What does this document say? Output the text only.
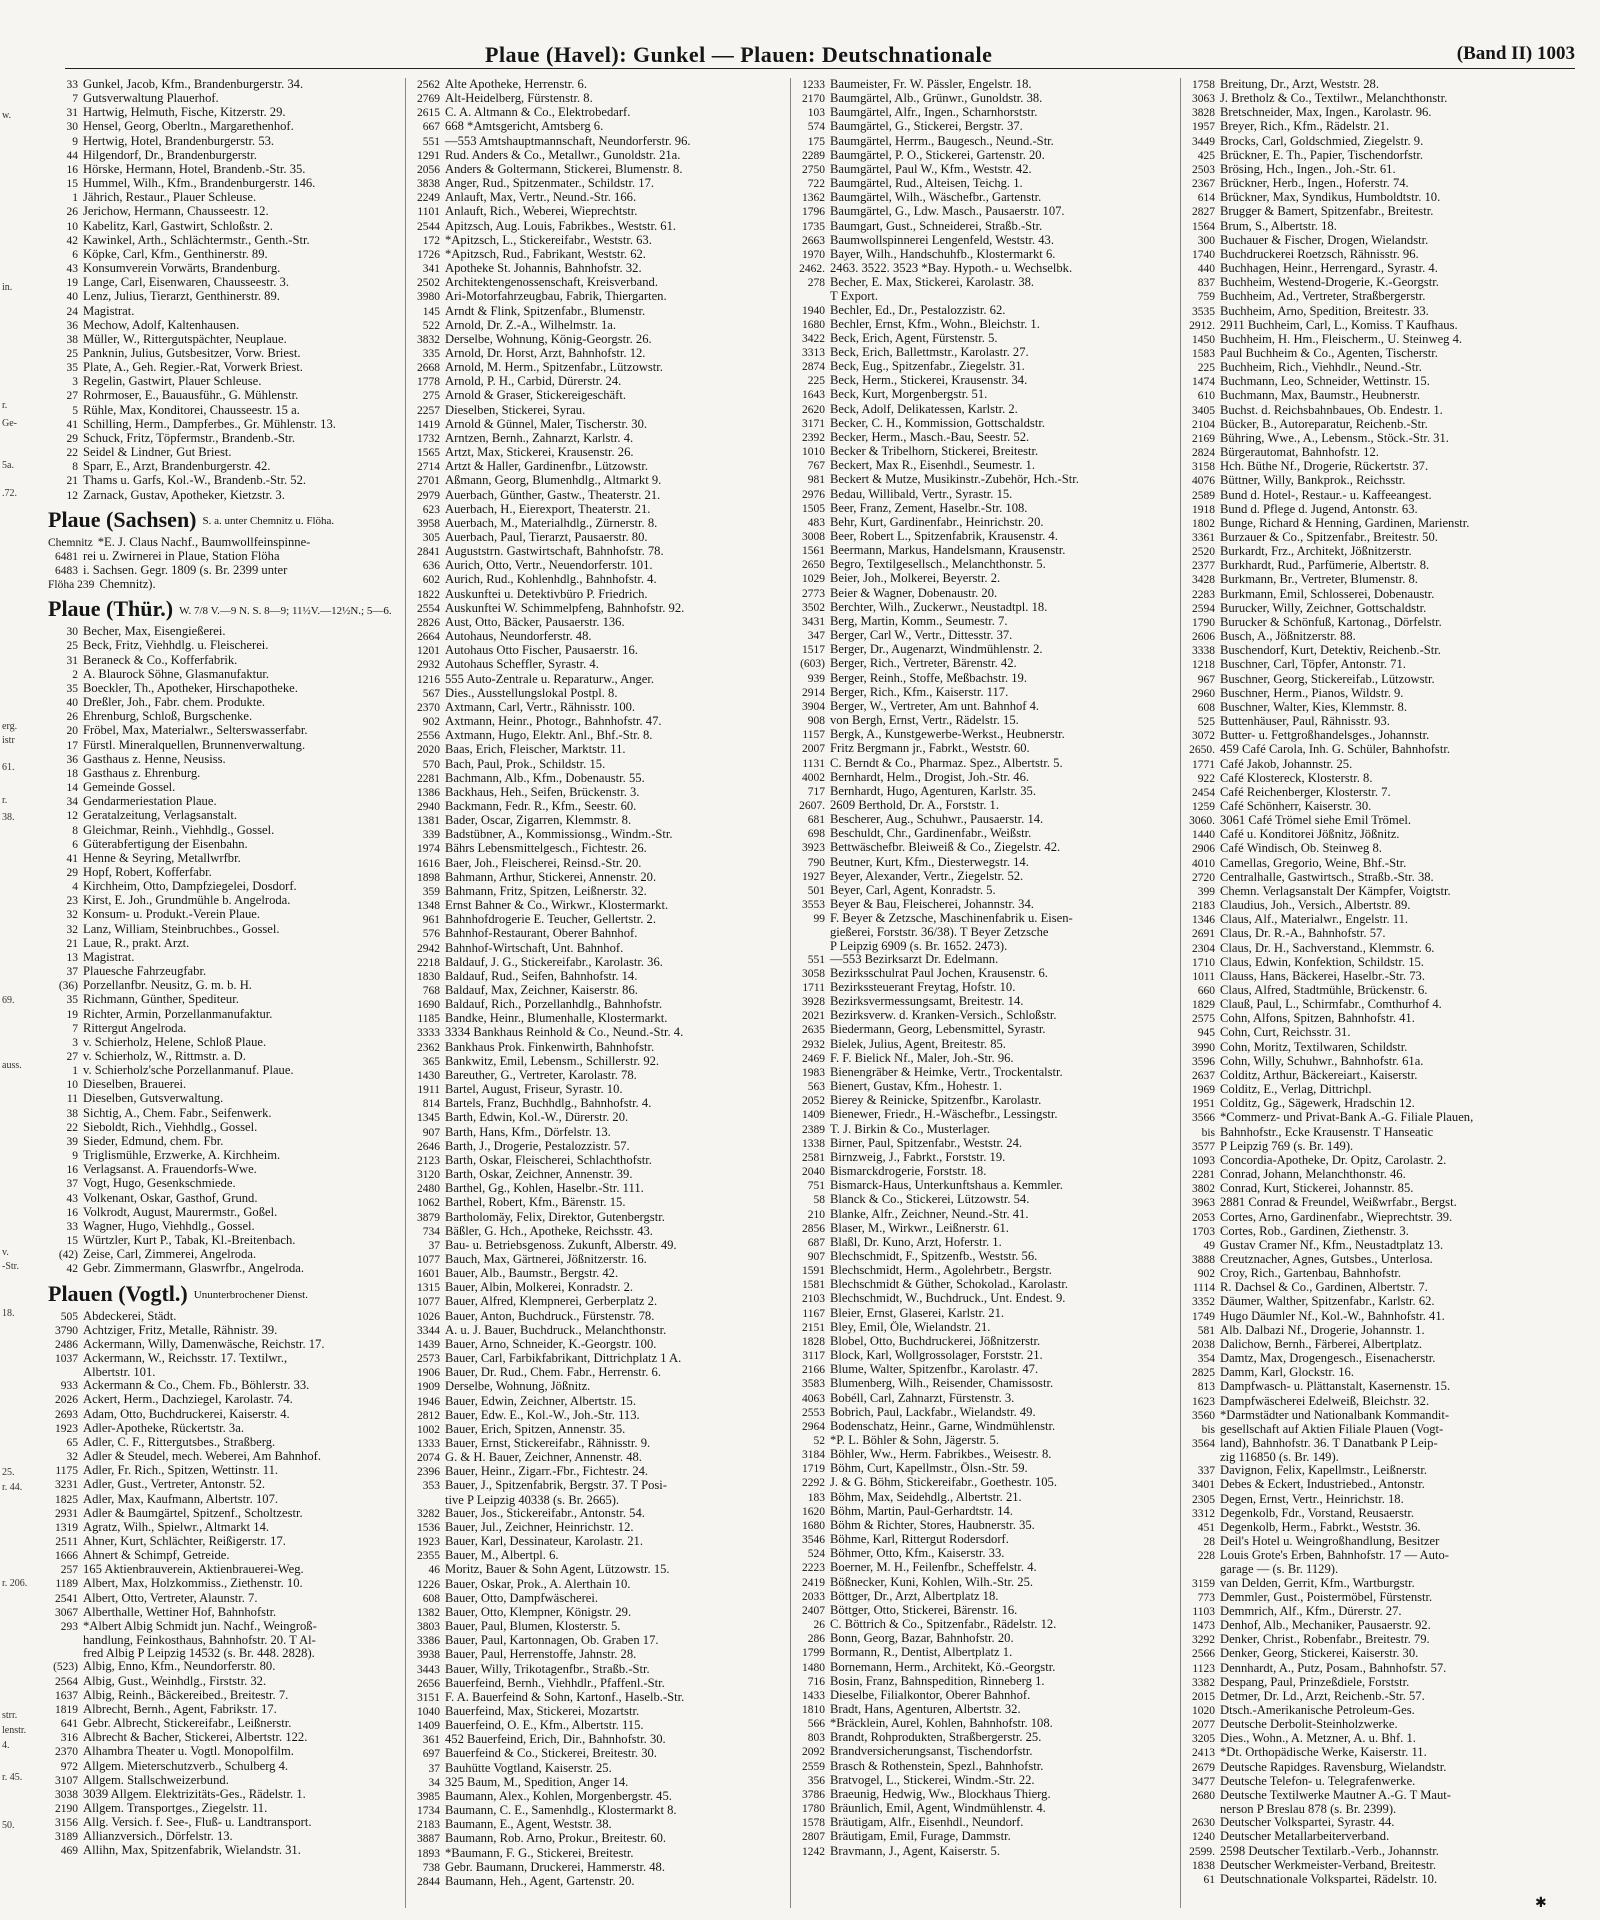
Plaue (Havel): Gunkel — Plauen: Deutschnationale	(Band II) 1003
w.
in.
r.
Ge-
5a.
.72.
erg.
istr
61.
r.
38.
69.
auss.
v.
-Str.
18.
25.
r. 44.
r. 206.
strr.
lenstr.
4.
r. 45.
50.
33 Gunkel, Jacob, Kfm., Brandenburgerstr. 34.
7 Gutsverwaltung Plauerhof.
31 Hartwig, Helmuth, Fische, Kitzerstr. 29.
30 Hensel, Georg, Oberltn., Margarethenhof.
9 Hertwig, Hotel, Brandenburgerstr. 53.
44 Hilgendorf, Dr., Brandenburgerstr.
16 Hörske, Hermann, Hotel, Brandenb.-Str. 35.
15 Hummel, Wilh., Kfm., Brandenburgerstr. 146.
1 Jährich, Restaur., Plauer Schleuse.
26 Jerichow, Hermann, Chausseestr. 12.
10 Kabelitz, Karl, Gastwirt, Schloßstr. 2.
42 Kawinkel, Arth., Schlächtermstr., Genth.-Str.
6 Köpke, Carl, Kfm., Genthinerstr. 89.
43 Konsumverein Vorwärts, Brandenburg.
19 Lange, Carl, Eisenwaren, Chausseestr. 3.
40 Lenz, Julius, Tierarzt, Genthinerstr. 89.
24 Magistrat.
36 Mechow, Adolf, Kaltenhausen.
38 Müller, W., Rittergutspächter, Neuplaue.
25 Panknin, Julius, Gutsbesitzer, Vorw. Briest.
35 Plate, A., Geh. Regier.-Rat, Vorwerk Briest.
3 Regelin, Gastwirt, Plauer Schleuse.
27 Rohrmoser, E., Bauausführ., G. Mühlenstr.
5 Rühle, Max, Konditorei, Chausseestr. 15 a.
41 Schilling, Herm., Dampferbes., Gr. Mühlenstr. 13.
29 Schuck, Fritz, Töpfermstr., Brandenb.-Str.
22 Seidel & Lindner, Gut Briest.
8 Sparr, E., Arzt, Brandenburgerstr. 42.
21 Thams u. Garfs, Kol.-W., Brandenb.-Str. 52.
12 Zarnack, Gustav, Apotheker, Kietzstr. 3.
Plaue (Sachsen) S. a. unter Chemnitz u. Flöha.
Chemnitz *E. J. Claus Nachf., Baumwollfeinspinne-
6481 rei u. Zwirnerei in Plaue, Station Flöha
6483 i. Sachsen. Gegr. 1809 (s. Br. 2399 unter
Flöha 239 Chemnitz).
Plaue (Thür.) W. 7/8 V.—9 N. S. 8—9; 11½V.—12½N.; 5—6.
30 Becher, Max, Eisengießerei.
25 Beck, Fritz, Viehhdlg. u. Fleischerei.
31 Beraneck & Co., Kofferfabrik.
2 A. Blaurock Söhne, Glasmanufaktur.
35 Boeckler, Th., Apotheker, Hirschapotheke.
40 Dreßler, Joh., Fabr. chem. Produkte.
26 Ehrenburg, Schloß, Burgschenke.
20 Fröbel, Max, Materialwr., Selterswasserfabr.
17 Fürstl. Mineralquellen, Brunnenverwaltung.
36 Gasthaus z. Henne, Neusiss.
18 Gasthaus z. Ehrenburg.
14 Gemeinde Gossel.
34 Gendarmeriestation Plaue.
12 Geratalzeitung, Verlagsanstalt.
8 Gleichmar, Reinh., Viehhdlg., Gossel.
6 Güterabfertigung der Eisenbahn.
41 Henne & Seyring, Metallwrfbr.
29 Hopf, Robert, Kofferfabr.
4 Kirchheim, Otto, Dampfziegelei, Dosdorf.
23 Kirst, E. Joh., Grundmühle b. Angelroda.
32 Konsum- u. Produkt.-Verein Plaue.
32 Lanz, William, Steinbruchbes., Gossel.
21 Laue, R., prakt. Arzt.
13 Magistrat.
37 Plauesche Fahrzeugfabr.
(36) Porzellanfbr. Neusitz, G. m. b. H.
35 Richmann, Günther, Spediteur.
19 Richter, Armin, Porzellanmanufaktur.
7 Rittergut Angelroda.
3 v. Schierholz, Helene, Schloß Plaue.
27 v. Schierholz, W., Rittmstr. a. D.
1 v. Schierholz'sche Porzellanmanuf. Plaue.
10 Dieselben, Brauerei.
11 Dieselben, Gutsverwaltung.
38 Sichtig, A., Chem. Fabr., Seifenwerk.
22 Sieboldt, Rich., Viehhdlg., Gossel.
39 Sieder, Edmund, chem. Fbr.
9 Triglismühle, Erzwerke, A. Kirchheim.
16 Verlagsanst. A. Frauendorfs-Wwe.
37 Vogt, Hugo, Gesenkschmiede.
43 Volkenant, Oskar, Gasthof, Grund.
16 Volkrodt, August, Maurermstr., Goßel.
33 Wagner, Hugo, Viehhdlg., Gossel.
15 Würtzler, Kurt P., Tabak, Kl.-Breitenbach.
(42) Zeise, Carl, Zimmerei, Angelroda.
42 Gebr. Zimmermann, Glaswrfbr., Angelroda.
Plauen (Vogtl.) Ununterbrochener Dienst.
505 Abdeckerei, Städt.
3790 Achtziger, Fritz, Metalle, Rähnistr. 39.
2486 Ackermann, Willy, Damenwäsche, Reichstr. 17.
1037 Ackermann, W., Reichsstr. 17. Textilwr.,
Albertstr. 101.
933 Ackermann & Co., Chem. Fb., Böhlerstr. 33.
2026 Ackert, Herm., Dachziegel, Karolastr. 74.
2693 Adam, Otto, Buchdruckerei, Kaiserstr. 4.
1923 Adler-Apotheke, Rückertstr. 3a.
65 Adler, C. F., Rittergutsbes., Straßberg.
32 Adler & Steudel, mech. Weberei, Am Bahnhof.
1175 Adler, Fr. Rich., Spitzen, Wettinstr. 11.
3231 Adler, Gust., Vertreter, Antonstr. 52.
1825 Adler, Max, Kaufmann, Albertstr. 107.
2931 Adler & Baumgärtel, Spitzenf., Scholtzestr.
1319 Agratz, Wilh., Spielwr., Altmarkt 14.
2511 Ahner, Kurt, Schlächter, Reißigerstr. 17.
1666 Ahnert & Schimpf, Getreide.
257 165 Aktienbrauverein, Aktienbrauerei-Weg.
1189 Albert, Max, Holzkommiss., Ziethenstr. 10.
2541 Albert, Otto, Vertreter, Alaunstr. 7.
3067 Alberthalle, Wettiner Hof, Bahnhofstr.
293 *Albert Albig Schmidt jun. Nachf., Weingroß-
handlung, Feinkosthaus, Bahnhofstr. 20. T Al-
fred Albig P Leipzig 14532 (s. Br. 448. 2828).
(523) Albig, Enno, Kfm., Neundorferstr. 80.
2564 Albig, Gust., Weinhdlg., Firststr. 32.
1637 Albig, Reinh., Bäckereibed., Breitestr. 7.
1819 Albrecht, Bernh., Agent, Fabrikstr. 17.
641 Gebr. Albrecht, Stickereifabr., Leißnerstr.
316 Albrecht & Bacher, Stickerei, Albertstr. 122.
2370 Alhambra Theater u. Vogtl. Monopolfilm.
972 Allgem. Mieterschutzverb., Schulberg 4.
3107 Allgem. Stallschweizerbund.
3038 3039 Allgem. Elektrizitäts-Ges., Rädelstr. 1.
2190 Allgem. Transportges., Ziegelstr. 11.
3156 Allg. Versich. f. See-, Fluß- u. Landtransport.
3189 Allianzversich., Dörfelstr. 13.
469 Allihn, Max, Spitzenfabrik, Wielandstr. 31.
2562 Alte Apotheke, Herrenstr. 6.
2769 Alt-Heidelberg, Fürstenstr. 8.
2615 C. A. Altmann & Co., Elektrobedarf.
667 668 *Amtsgericht, Amtsberg 6.
551 —553 Amtshauptmannschaft, Neundorferstr. 96.
1291 Rud. Anders & Co., Metallwr., Gunoldstr. 21a.
2056 Anders & Goltermann, Stickerei, Blumenstr. 8.
3838 Anger, Rud., Spitzenmater., Schildstr. 17.
2249 Anlauft, Max, Vertr., Neund.-Str. 166.
1101 Anlauft, Rich., Weberei, Wieprechtstr.
2544 Apitzsch, Aug. Louis, Fabrikbes., Weststr. 61.
172 *Apitzsch, L., Stickereifabr., Weststr. 63.
1726 *Apitzsch, Rud., Fabrikant, Weststr. 62.
341 Apotheke St. Johannis, Bahnhofstr. 32.
2502 Architektengenossenschaft, Kreisverband.
3980 Ari-Motorfahrzeugbau, Fabrik, Thiergarten.
145 Arndt & Flink, Spitzenfabr., Blumenstr.
522 Arnold, Dr. Z.-A., Wilhelmstr. 1a.
3832 Derselbe, Wohnung, König-Georgstr. 26.
335 Arnold, Dr. Horst, Arzt, Bahnhofstr. 12.
2668 Arnold, M. Herm., Spitzenfabr., Lützowstr.
1778 Arnold, P. H., Carbid, Dürerstr. 24.
275 Arnold & Graser, Stickereigeschäft.
2257 Dieselben, Stickerei, Syrau.
1419 Arnold & Günnel, Maler, Tischerstr. 30.
1732 Arntzen, Bernh., Zahnarzt, Karlstr. 4.
1565 Artzt, Max, Stickerei, Krausenstr. 26.
2714 Artzt & Haller, Gardinenfbr., Lützowstr.
2701 Aßmann, Georg, Blumenhdlg., Altmarkt 9.
2979 Auerbach, Günther, Gastw., Theaterstr. 21.
623 Auerbach, H., Eierexport, Theaterstr. 21.
3958 Auerbach, M., Materialhdlg., Zürnerstr. 8.
305 Auerbach, Paul, Tierarzt, Pausaerstr. 80.
2841 Auguststrn. Gastwirtschaft, Bahnhofstr. 78.
636 Aurich, Otto, Vertr., Neuendorferstr. 101.
602 Aurich, Rud., Kohlenhdlg., Bahnhofstr. 4.
1822 Auskunftei u. Detektivbüro P. Friedrich.
2554 Auskunftei W. Schimmelpfeng, Bahnhofstr. 92.
2826 Aust, Otto, Bäcker, Pausaerstr. 136.
2664 Autohaus, Neundorferstr. 48.
1201 Autohaus Otto Fischer, Pausaerstr. 16.
2932 Autohaus Scheffler, Syrastr. 4.
1216 555 Auto-Zentrale u. Reparaturw., Anger.
567 Dies., Ausstellungslokal Postpl. 8.
2370 Axtmann, Carl, Vertr., Rähnisstr. 100.
902 Axtmann, Heinr., Photogr., Bahnhofstr. 47.
2556 Axtmann, Hugo, Elektr. Anl., Bhf.-Str. 8.
2020 Baas, Erich, Fleischer, Marktstr. 11.
570 Bach, Paul, Prok., Schildstr. 15.
2281 Bachmann, Alb., Kfm., Dobenaustr. 55.
1386 Backhaus, Heh., Seifen, Brückenstr. 3.
2940 Backmann, Fedr. R., Kfm., Seestr. 60.
1381 Bader, Oscar, Zigarren, Klemmstr. 8.
339 Badstübner, A., Kommissionsg., Windm.-Str.
1974 Bährs Lebensmittelgesch., Fichtestr. 26.
1616 Baer, Joh., Fleischerei, Reinsd.-Str. 20.
1898 Bahmann, Arthur, Stickerei, Annenstr. 20.
359 Bahmann, Fritz, Spitzen, Leißnerstr. 32.
1348 Ernst Bahner & Co., Wirkwr., Klostermarkt.
961 Bahnhofdrogerie E. Teucher, Gellertstr. 2.
576 Bahnhof-Restaurant, Oberer Bahnhof.
2942 Bahnhof-Wirtschaft, Unt. Bahnhof.
2218 Baldauf, J. G., Stickereifabr., Karolastr. 36.
1830 Baldauf, Rud., Seifen, Bahnhofstr. 14.
768 Baldauf, Max, Zeichner, Kaiserstr. 86.
1690 Baldauf, Rich., Porzellanhdlg., Bahnhofstr.
1185 Bandke, Heinr., Blumenhalle, Klostermarkt.
3333 3334 Bankhaus Reinhold & Co., Neund.-Str. 4.
2362 Bankhaus Prok. Finkenwirth, Bahnhofstr.
365 Bankwitz, Emil, Lebensm., Schillerstr. 92.
1430 Bareuther, G., Vertreter, Karolastr. 78.
1911 Bartel, August, Friseur, Syrastr. 10.
814 Bartels, Franz, Buchhdlg., Bahnhofstr. 4.
1345 Barth, Edwin, Kol.-W., Dürerstr. 20.
907 Barth, Hans, Kfm., Dörfelstr. 13.
2646 Barth, J., Drogerie, Pestalozzistr. 57.
2123 Barth, Oskar, Fleischerei, Schlachthofstr.
3120 Barth, Oskar, Zeichner, Annenstr. 39.
2480 Barthel, Gg., Kohlen, Haselbr.-Str. 111.
1062 Barthel, Robert, Kfm., Bärenstr. 15.
3879 Bartholomäy, Felix, Direktor, Gutenbergstr.
734 Bäßler, G. Hch., Apotheke, Reichsstr. 43.
37 Bau- u. Betriebsgenoss. Zukunft, Alberstr. 49.
1077 Bauch, Max, Gärtnerei, Jößnitzerstr. 16.
1601 Bauer, Alb., Baumstr., Bergstr. 42.
1315 Bauer, Albin, Molkerei, Konradstr. 2.
1077 Bauer, Alfred, Klempnerei, Gerberplatz 2.
1026 Bauer, Anton, Buchdruck., Fürstenstr. 78.
3344 A. u. J. Bauer, Buchdruck., Melanchthonstr.
1439 Bauer, Arno, Schneider, K.-Georgstr. 100.
2573 Bauer, Carl, Farbikfabrikant, Dittrichplatz 1 A.
1906 Bauer, Dr. Rud., Chem. Fabr., Herrenstr. 6.
1909 Derselbe, Wohnung, Jößnitz.
1946 Bauer, Edwin, Zeichner, Albertstr. 15.
2812 Bauer, Edw. E., Kol.-W., Joh.-Str. 113.
1002 Bauer, Erich, Spitzen, Annenstr. 35.
1333 Bauer, Ernst, Stickereifabr., Rähnisstr. 9.
2074 G. & H. Bauer, Zeichner, Annenstr. 48.
2396 Bauer, Heinr., Zigarr.-Fbr., Fichtestr. 24.
353 Bauer, J., Spitzenfabrik, Bergstr. 37. T Posi-
tive P Leipzig 40338 (s. Br. 2665).
3282 Bauer, Jos., Stickereifabr., Antonstr. 54.
1536 Bauer, Jul., Zeichner, Heinrichstr. 12.
1923 Bauer, Karl, Dessinateur, Karolastr. 21.
2355 Bauer, M., Albertpl. 6.
46 Moritz, Bauer & Sohn Agent, Lützowstr. 15.
1226 Bauer, Oskar, Prok., A. Alerthain 10.
608 Bauer, Otto, Dampfwäscherei.
1382 Bauer, Otto, Klempner, Königstr. 29.
3803 Bauer, Paul, Blumen, Klosterstr. 5.
3386 Bauer, Paul, Kartonnagen, Ob. Graben 17.
3938 Bauer, Paul, Herrenstoffe, Jahnstr. 28.
3443 Bauer, Willy, Trikotagenfbr., Straßb.-Str.
2656 Bauerfeind, Bernh., Viehhdlr., Pfaffenl.-Str.
3151 F. A. Bauerfeind & Sohn, Kartonf., Haselb.-Str.
1040 Bauerfeind, Max, Stickerei, Mozartstr.
1409 Bauerfeind, O. E., Kfm., Albertstr. 115.
361 452 Bauerfeind, Erich, Dir., Bahnhofstr. 30.
697 Bauerfeind & Co., Stickerei, Breitestr. 30.
37 Bauhütte Vogtland, Kaiserstr. 25.
34 325 Baum, M., Spedition, Anger 14.
3985 Baumann, Alex., Kohlen, Morgenbergstr. 45.
1734 Baumann, C. E., Samenhdlg., Klostermarkt 8.
2183 Baumann, E., Agent, Weststr. 38.
3887 Baumann, Rob. Arno, Prokur., Breitestr. 60.
1893 *Baumann, F. G., Stickerei, Breitestr.
738 Gebr. Baumann, Druckerei, Hammerstr. 48.
2844 Baumann, Heh., Agent, Gartenstr. 20.
1233 Baumeister, Fr. W. Pässler, Engelstr. 18.
2170 Baumgärtel, Alb., Grünwr., Gunoldstr. 38.
103 Baumgärtel, Alfr., Ingen., Scharnhorststr.
574 Baumgärtel, G., Stickerei, Bergstr. 37.
175 Baumgärtel, Herrm., Baugesch., Neund.-Str.
2289 Baumgärtel, P. O., Stickerei, Gartenstr. 20.
2750 Baumgärtel, Paul W., Kfm., Weststr. 42.
722 Baumgärtel, Rud., Alteisen, Teichg. 1.
1362 Baumgärtel, Wilh., Wäschefbr., Gartenstr.
1796 Baumgärtel, G., Ldw. Masch., Pausaerstr. 107.
1735 Baumgart, Gust., Schneiderei, Straßb.-Str.
2663 Baumwollspinnerei Lengenfeld, Weststr. 43.
1970 Bayer, Wilh., Handschuhfb., Klostermarkt 6.
2462. 2463. 3522. 3523 *Bay. Hypoth.- u. Wechselbk.
278 Becher, E. Max, Stickerei, Karolastr. 38.
T Export.
1940 Bechler, Ed., Dr., Pestalozzistr. 62.
1680 Bechler, Ernst, Kfm., Wohn., Bleichstr. 1.
3422 Beck, Erich, Agent, Fürstenstr. 5.
3313 Beck, Erich, Ballettmstr., Karolastr. 27.
2874 Beck, Eug., Spitzenfabr., Ziegelstr. 31.
225 Beck, Herm., Stickerei, Krausenstr. 34.
1643 Beck, Kurt, Morgenbergstr. 51.
2620 Beck, Adolf, Delikatessen, Karlstr. 2.
3171 Becker, C. H., Kommission, Gottschaldstr.
2392 Becker, Herm., Masch.-Bau, Seestr. 52.
1010 Becker & Tribelhorn, Stickerei, Breitestr.
767 Beckert, Max R., Eisenhdl., Seumestr. 1.
981 Beckert & Mutze, Musikinstr.-Zubehör, Hch.-Str.
2976 Bedau, Willibald, Vertr., Syrastr. 15.
1505 Beer, Franz, Zement, Haselbr.-Str. 108.
483 Behr, Kurt, Gardinenfabr., Heinrichstr. 20.
3008 Beer, Robert L., Spitzenfabrik, Krausenstr. 4.
1561 Beermann, Markus, Handelsmann, Krausenstr.
2650 Begro, Textilgesellsch., Melanchthonstr. 5.
1029 Beier, Joh., Molkerei, Beyerstr. 2.
2773 Beier & Wagner, Dobenaustr. 20.
3502 Berchter, Wilh., Zuckerwr., Neustadtpl. 18.
3431 Berg, Martin, Komm., Seumestr. 7.
347 Berger, Carl W., Vertr., Dittesstr. 37.
1517 Berger, Dr., Augenarzt, Windmühlenstr. 2.
(603) Berger, Rich., Vertreter, Bärenstr. 42.
939 Berger, Reinh., Stoffe, Meßbachstr. 19.
2914 Berger, Rich., Kfm., Kaiserstr. 117.
3904 Berger, W., Vertreter, Am unt. Bahnhof 4.
908 von Bergh, Ernst, Vertr., Rädelstr. 15.
1157 Bergk, A., Kunstgewerbe-Werkst., Heubnerstr.
2007 Fritz Bergmann jr., Fabrkt., Weststr. 60.
1131 C. Berndt & Co., Pharmaz. Spez., Albertstr. 5.
4002 Bernhardt, Helm., Drogist, Joh.-Str. 46.
717 Bernhardt, Hugo, Agenturen, Karlstr. 35.
2607. 2609 Berthold, Dr. A., Forststr. 1.
681 Bescherer, Aug., Schuhwr., Pausaerstr. 14.
698 Beschuldt, Chr., Gardinenfabr., Weißstr.
3923 Bettwäschefbr. Bleiweiß & Co., Ziegelstr. 42.
790 Beutner, Kurt, Kfm., Diesterwegstr. 14.
1927 Beyer, Alexander, Vertr., Ziegelstr. 52.
501 Beyer, Carl, Agent, Konradstr. 5.
3553 Beyer & Bau, Fleischerei, Johannstr. 34.
99 F. Beyer & Zetzsche, Maschinenfabrik u. Eisen-
gießerei, Forststr. 36/38). T Beyer Zetzsche
P Leipzig 6909 (s. Br. 1652. 2473).
551 —553 Bezirksarzt Dr. Edelmann.
3058 Bezirksschulrat Paul Jochen, Krausenstr. 6.
1711 Bezirkssteuerant Freytag, Hofstr. 10.
3928 Bezirksvermessungsamt, Breitestr. 14.
2021 Bezirksverw. d. Kranken-Versich., Schloßstr.
2635 Biedermann, Georg, Lebensmittel, Syrastr.
2932 Bielek, Julius, Agent, Breitestr. 85.
2469 F. F. Bielick Nf., Maler, Joh.-Str. 96.
1983 Bienengräber & Heimke, Vertr., Trockentalstr.
563 Bienert, Gustav, Kfm., Hohestr. 1.
2052 Bierey & Reinicke, Spitzenfbr., Karolastr.
1409 Bienewer, Friedr., H.-Wäschefbr., Lessingstr.
2389 T. J. Birkin & Co., Musterlager.
1338 Birner, Paul, Spitzenfabr., Weststr. 24.
2581 Birnzweig, J., Fabrkt., Forststr. 19.
2040 Bismarckdrogerie, Forststr. 18.
751 Bismarck-Haus, Unterkunftshaus a. Kemmler.
58 Blanck & Co., Stickerei, Lützowstr. 54.
210 Blanke, Alfr., Zeichner, Neund.-Str. 41.
2856 Blaser, M., Wirkwr., Leißnerstr. 61.
687 Blaßl, Dr. Kuno, Arzt, Hoferstr. 1.
907 Blechschmidt, F., Spitzenfb., Weststr. 56.
1591 Blechschmidt, Herm., Agolehrbetr., Bergstr.
1581 Blechschmidt & Güther, Schokolad., Karolastr.
2103 Blechschmidt, W., Buchdruck., Unt. Endest. 9.
1167 Bleier, Ernst, Glaserei, Karlstr. 21.
2151 Bley, Emil, Öle, Wielandstr. 21.
1828 Blobel, Otto, Buchdruckerei, Jößnitzerstr.
3117 Block, Karl, Wollgrossolager, Forststr. 21.
2166 Blume, Walter, Spitzenfbr., Karolastr. 47.
3583 Blumenberg, Wilh., Reisender, Chamissostr.
4063 Bobéll, Carl, Zahnarzt, Fürstenstr. 3.
2553 Bobrich, Paul, Lackfabr., Wielandstr. 49.
2964 Bodenschatz, Heinr., Garne, Windmühlenstr.
52 *P. L. Böhler & Sohn, Jägerstr. 5.
3184 Böhler, Ww., Herm. Fabrikbes., Weisestr. 8.
1719 Böhm, Curt, Kapellmstr., Ölsn.-Str. 59.
2292 J. & G. Böhm, Stickereifabr., Goethestr. 105.
183 Böhm, Max, Seidehdlg., Albertstr. 21.
1620 Böhm, Martin, Paul-Gerhardtstr. 14.
1680 Böhm & Richter, Stores, Haubnerstr. 35.
3546 Böhme, Karl, Rittergut Rodersdorf.
524 Böhmer, Otto, Kfm., Kaiserstr. 33.
2223 Boerner, M. H., Feilenfbr., Scheffelstr. 4.
2419 Bößnecker, Kuni, Kohlen, Wilh.-Str. 25.
2033 Böttger, Dr., Arzt, Albertplatz 18.
2407 Böttger, Otto, Stickerei, Bärenstr. 16.
26 C. Böttrich & Co., Spitzenfabr., Rädelstr. 12.
286 Bonn, Georg, Bazar, Bahnhofstr. 20.
1799 Bormann, R., Dentist, Albertplatz 1.
1480 Bornemann, Herm., Architekt, Kö.-Georgstr.
716 Bosin, Franz, Bahnspedition, Rinneberg 1.
1433 Dieselbe, Filialkontor, Oberer Bahnhof.
1810 Bradt, Hans, Agenturen, Albertstr. 32.
566 *Bräcklein, Aurel, Kohlen, Bahnhofstr. 108.
803 Brandt, Rohprodukten, Straßbergerstr. 25.
2092 Brandversicherungsanst, Tischendorfstr.
2559 Brasch & Rothenstein, Spezl., Bahnhofstr.
356 Bratvogel, L., Stickerei, Windm.-Str. 22.
3786 Braeunig, Hedwig, Ww., Blockhaus Thierg.
1780 Bräunlich, Emil, Agent, Windmühlenstr. 4.
1578 Bräutigam, Alfr., Eisenhdl., Neundorf.
2807 Bräutigam, Emil, Furage, Dammstr.
1242 Bravmann, J., Agent, Kaiserstr. 5.
1758 Breitung, Dr., Arzt, Weststr. 28.
3063 J. Bretholz & Co., Textilwr., Melanchthonstr.
3828 Bretschneider, Max, Ingen., Karolastr. 96.
1957 Breyer, Rich., Kfm., Rädelstr. 21.
3449 Brocks, Carl, Goldschmied, Ziegelstr. 9.
425 Brückner, E. Th., Papier, Tischendorfstr.
2503 Brösing, Hch., Ingen., Joh.-Str. 61.
2367 Brückner, Herb., Ingen., Hoferstr. 74.
614 Brückner, Max, Syndikus, Humboldtstr. 10.
2827 Brugger & Bamert, Spitzenfabr., Breitestr.
1564 Brum, S., Albertstr. 18.
300 Buchauer & Fischer, Drogen, Wielandstr.
1740 Buchdruckerei Roetzsch, Rähnisstr. 96.
440 Buchhagen, Heinr., Herrengard., Syrastr. 4.
837 Buchheim, Westend-Drogerie, K.-Georgstr.
759 Buchheim, Ad., Vertreter, Straßbergerstr.
3535 Buchheim, Arno, Spedition, Breitestr. 33.
2912. 2911 Buchheim, Carl, L., Komiss. T Kaufhaus.
1450 Buchheim, H. Hm., Fleischerm., U. Steinweg 4.
1583 Paul Buchheim & Co., Agenten, Tischerstr.
225 Buchheim, Rich., Viehhdlr., Neund.-Str.
1474 Buchmann, Leo, Schneider, Wettinstr. 15.
610 Buchmann, Max, Baumstr., Heubnerstr.
3405 Buchst. d. Reichsbahnbaues, Ob. Endestr. 1.
2104 Bücker, B., Autoreparatur, Reichenb.-Str.
2169 Bühring, Wwe., A., Lebensm., Stöck.-Str. 31.
2824 Bürgerautomat, Bahnhofstr. 12.
3158 Hch. Büthe Nf., Drogerie, Rückertstr. 37.
4076 Büttner, Willy, Bankprok., Reichsstr.
2589 Bund d. Hotel-, Restaur.- u. Kaffeeangest.
1918 Bund d. Pflege d. Jugend, Antonstr. 63.
1802 Bunge, Richard & Henning, Gardinen, Marienstr.
3361 Burzauer & Co., Spitzenfabr., Breitestr. 50.
2520 Burkardt, Frz., Architekt, Jößnitzerstr.
2377 Burkhardt, Rud., Parfümerie, Albertstr. 8.
3428 Burkmann, Br., Vertreter, Blumenstr. 8.
2283 Burkmann, Emil, Schlosserei, Dobenaustr.
2594 Burucker, Willy, Zeichner, Gottschaldstr.
1790 Burucker & Schönfuß, Kartonag., Dörfelstr.
2606 Busch, A., Jößnitzerstr. 88.
3338 Buschendorf, Kurt, Detektiv, Reichenb.-Str.
1218 Buschner, Carl, Töpfer, Antonstr. 71.
967 Buschner, Georg, Stickereifab., Lützowstr.
2960 Buschner, Herm., Pianos, Wildstr. 9.
608 Buschner, Walter, Kies, Klemmstr. 8.
525 Buttenhäuser, Paul, Rähnisstr. 93.
3072 Butter- u. Fettgroßhandelsges., Johannstr.
2650. 459 Café Carola, Inh. G. Schüler, Bahnhofstr.
1771 Café Jakob, Johannstr. 25.
922 Café Klostereck, Klosterstr. 8.
2454 Café Reichenberger, Klosterstr. 7.
1259 Café Schönherr, Kaiserstr. 30.
3060. 3061 Café Trömel siehe Emil Trömel.
1440 Café u. Konditorei Jößnitz, Jößnitz.
2906 Café Windisch, Ob. Steinweg 8.
4010 Camellas, Gregorio, Weine, Bhf.-Str.
2720 Centralhalle, Gastwirtsch., Straßb.-Str. 38.
399 Chemn. Verlagsanstalt Der Kämpfer, Voigtstr.
2183 Claudius, Joh., Versich., Albertstr. 89.
1346 Claus, Alf., Materialwr., Engelstr. 11.
2691 Claus, Dr. R.-A., Bahnhofstr. 57.
2304 Claus, Dr. H., Sachverstand., Klemmstr. 6.
1710 Claus, Edwin, Konfektion, Schildstr. 15.
1011 Clauss, Hans, Bäckerei, Haselbr.-Str. 73.
660 Claus, Alfred, Stadtmühle, Brückenstr. 6.
1829 Clauß, Paul, L., Schirmfabr., Comthurhof 4.
2575 Cohn, Alfons, Spitzen, Bahnhofstr. 41.
945 Cohn, Curt, Reichsstr. 31.
3990 Cohn, Moritz, Textilwaren, Schildstr.
3596 Cohn, Willy, Schuhwr., Bahnhofstr. 61a.
2637 Colditz, Arthur, Bäckereiart., Kaiserstr.
1969 Colditz, E., Verlag, Dittrichpl.
1951 Colditz, Gg., Sägewerk, Hradschin 12.
3566 *Commerz- und Privat-Bank A.-G. Filiale Plauen,
bis Bahnhofstr., Ecke Krausenstr. T Hanseatic
3577 P Leipzig 769 (s. Br. 149).
1093 Concordia-Apotheke, Dr. Opitz, Carolastr. 2.
2281 Conrad, Johann, Melanchthonstr. 46.
3802 Conrad, Kurt, Stickerei, Johannstr. 85.
3963 2881 Conrad & Freundel, Weißwrfabr., Bergst.
2053 Cortes, Arno, Gardinenfabr., Wieprechtstr. 39.
1703 Cortes, Rob., Gardinen, Ziethenstr. 3.
49 Gustav Cramer Nf., Kfm., Neustadtplatz 13.
3888 Creutznacher, Agnes, Gutsbes., Unterlosa.
902 Croy, Rich., Gartenbau, Bahnhofstr.
1114 R. Dachsel & Co., Gardinen, Albertstr. 7.
3352 Däumer, Walther, Spitzenfabr., Karlstr. 62.
1749 Hugo Däumler Nf., Kol.-W., Bahnhofstr. 41.
581 Alb. Dalbazi Nf., Drogerie, Johannstr. 1.
2038 Dalichow, Bernh., Färberei, Albertplatz.
354 Damtz, Max, Drogengesch., Eisenacherstr.
2825 Damm, Karl, Glockstr. 16.
813 Dampfwasch- u. Plättanstalt, Kasernenstr. 15.
1623 Dampfwäscherei Edelweiß, Bleichstr. 32.
3560 *Darmstädter und Nationalbank Kommandit-
bis gesellschaft auf Aktien Filiale Plauen (Vogt-
3564 land), Bahnhofstr. 36. T Danatbank P Leip-
zig 116850 (s. Br. 149).
337 Davignon, Felix, Kapellmstr., Leißnerstr.
3401 Debes & Eckert, Industriebed., Antonstr.
2305 Degen, Ernst, Vertr., Heinrichstr. 18.
3312 Degenkolb, Fdr., Vorstand, Reusaerstr.
451 Degenkolb, Herm., Fabrkt., Weststr. 36.
28 Deil's Hotel u. Weingroßhandlung, Besitzer
228 Louis Grote's Erben, Bahnhofstr. 17 — Auto-
garage — (s. Br. 1129).
3159 van Delden, Gerrit, Kfm., Wartburgstr.
773 Demmler, Gust., Poistermöbel, Fürstenstr.
1103 Demmrich, Alf., Kfm., Dürerstr. 27.
1473 Denhof, Alb., Mechaniker, Pausaerstr. 92.
3292 Denker, Christ., Robenfabr., Breitestr. 79.
2566 Denker, Georg, Stickerei, Kaiserstr. 30.
1123 Dennhardt, A., Putz, Posam., Bahnhofstr. 57.
3382 Despang, Paul, Prinzeßdiele, Forststr.
2015 Detmer, Dr. Ld., Arzt, Reichenb.-Str. 57.
1020 Dtsch.-Amerikanische Petroleum-Ges.
2077 Deutsche Derbolit-Steinholzwerke.
3205 Dies., Wohn., A. Metzner, A. u. Bhf. 1.
2413 *Dt. Orthopädische Werke, Kaiserstr. 11.
2679 Deutsche Rapidges. Ravensburg, Wielandstr.
3477 Deutsche Telefon- u. Telegrafenwerke.
2680 Deutsche Textilwerke Mautner A.-G. T Maut-
nerson P Breslau 878 (s. Br. 2399).
2630 Deutscher Volkspartei, Syrastr. 44.
1240 Deutscher Metallarbeiterverband.
2599. 2598 Deutscher Textilarb.-Verb., Johannstr.
1838 Deutscher Werkmeister-Verband, Breitestr.
61 Deutschnationale Volkspartei, Rädelstr. 10.
✱
